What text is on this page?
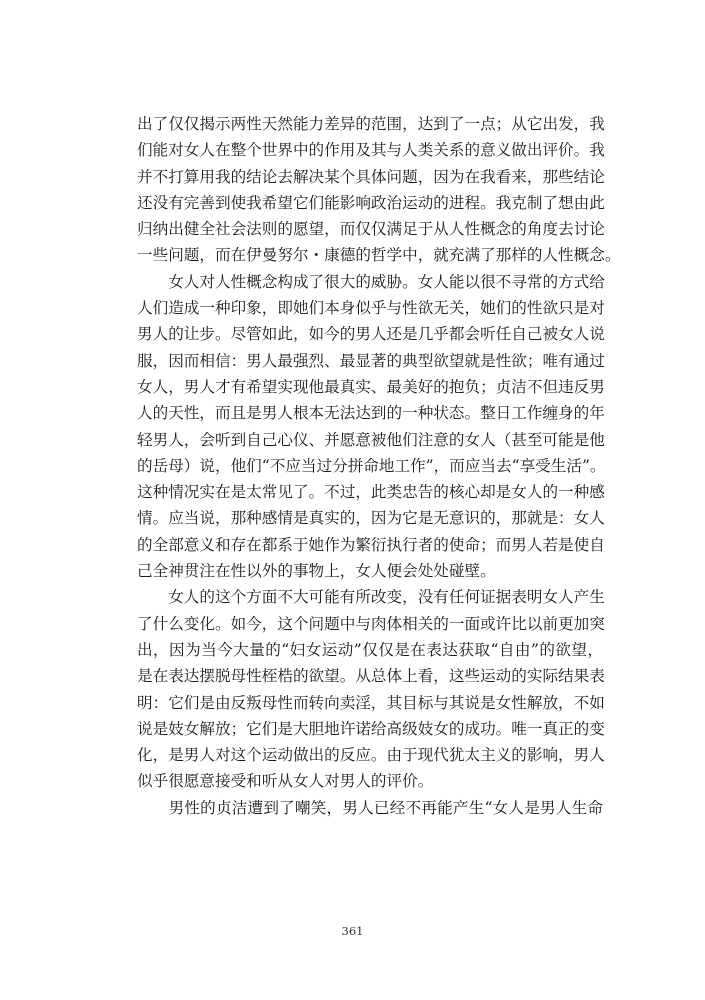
出了仅仅揭示两性天然能力差异的范围，达到了一点；从它出发，我
们能对女人在整个世界中的作用及其与人类关系的意义做出评价。我
并不打算用我的结论去解决某个具体问题，因为在我看来，那些结论
还没有完善到使我希望它们能影响政治运动的进程。我克制了想由此
归纳出健全社会法则的愿望，而仅仅满足于从人性概念的角度去讨论
一些问题，而在伊曼努尔・康德的哲学中，就充满了那样的人性概念。
　　女人对人性概念构成了很大的威胁。女人能以很不寻常的方式给
人们造成一种印象，即她们本身似乎与性欲无关，她们的性欲只是对
男人的让步。尽管如此，如今的男人还是几乎都会听任自己被女人说
服，因而相信：男人最强烈、最显著的典型欲望就是性欲；唯有通过
女人，男人才有希望实现他最真实、最美好的抱负；贞洁不但违反男
人的天性，而且是男人根本无法达到的一种状态。整日工作缠身的年
轻男人，会听到自己心仪、并愿意被他们注意的女人（甚至可能是他
的岳母）说，他们“不应当过分拼命地工作”，而应当去“享受生活”。
这种情况实在是太常见了。不过，此类忠告的核心却是女人的一种感
情。应当说，那种感情是真实的，因为它是无意识的，那就是：女人
的全部意义和存在都系于她作为繁衍执行者的使命；而男人若是使自
己全神贯注在性以外的事物上，女人便会处处碰壁。
　　女人的这个方面不大可能有所改变，没有任何证据表明女人产生
了什么变化。如今，这个问题中与肉体相关的一面或许比以前更加突
出，因为当今大量的“妇女运动”仅仅是在表达获取“自由”的欲望，
是在表达摆脱母性桎梏的欲望。从总体上看，这些运动的实际结果表
明：它们是由反叛母性而转向卖淫，其目标与其说是女性解放，不如
说是妓女解放；它们是大胆地许诺给高级妓女的成功。唯一真正的变
化，是男人对这个运动做出的反应。由于现代犹太主义的影响，男人
似乎很愿意接受和听从女人对男人的评价。
　　男性的贞洁遭到了嘲笑，男人已经不再能产生“女人是男人生命
361
